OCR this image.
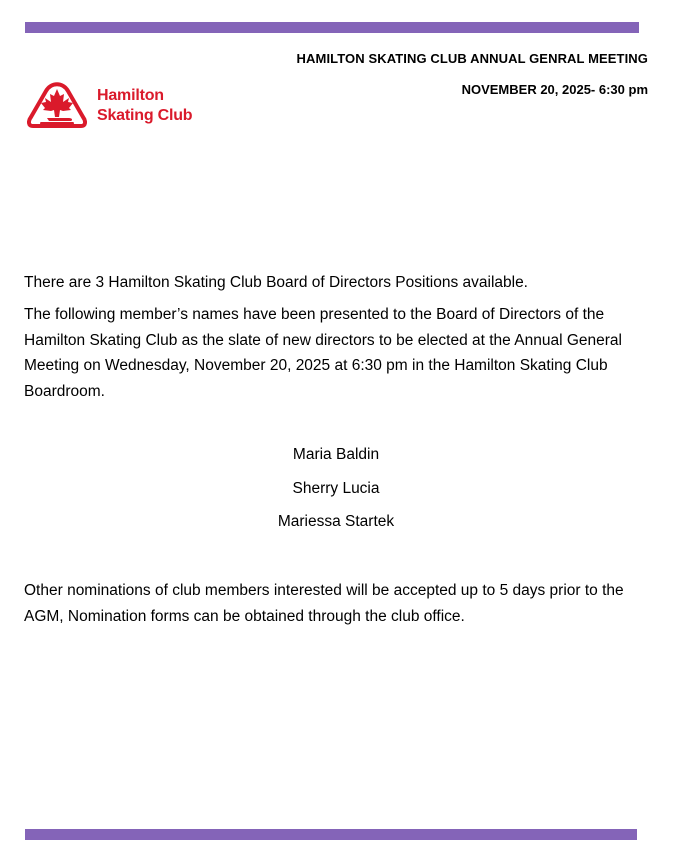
Hamilton
Skating Club
HAMILTON SKATING CLUB ANNUAL GENRAL MEETING
NOVEMBER 20, 2025- 6:30 pm
There are 3 Hamilton Skating Club Board of Directors Positions available.
The following member’s names have been presented to the Board of Directors of the Hamilton Skating Club as the slate of new directors to be elected at the Annual General Meeting on Wednesday, November 20, 2025 at 6:30 pm in the Hamilton Skating Club Boardroom.
Maria Baldin
Sherry Lucia
Mariessa Startek
Other nominations of club members interested will be accepted up to 5 days prior to the AGM, Nomination forms can be obtained through the club office.
